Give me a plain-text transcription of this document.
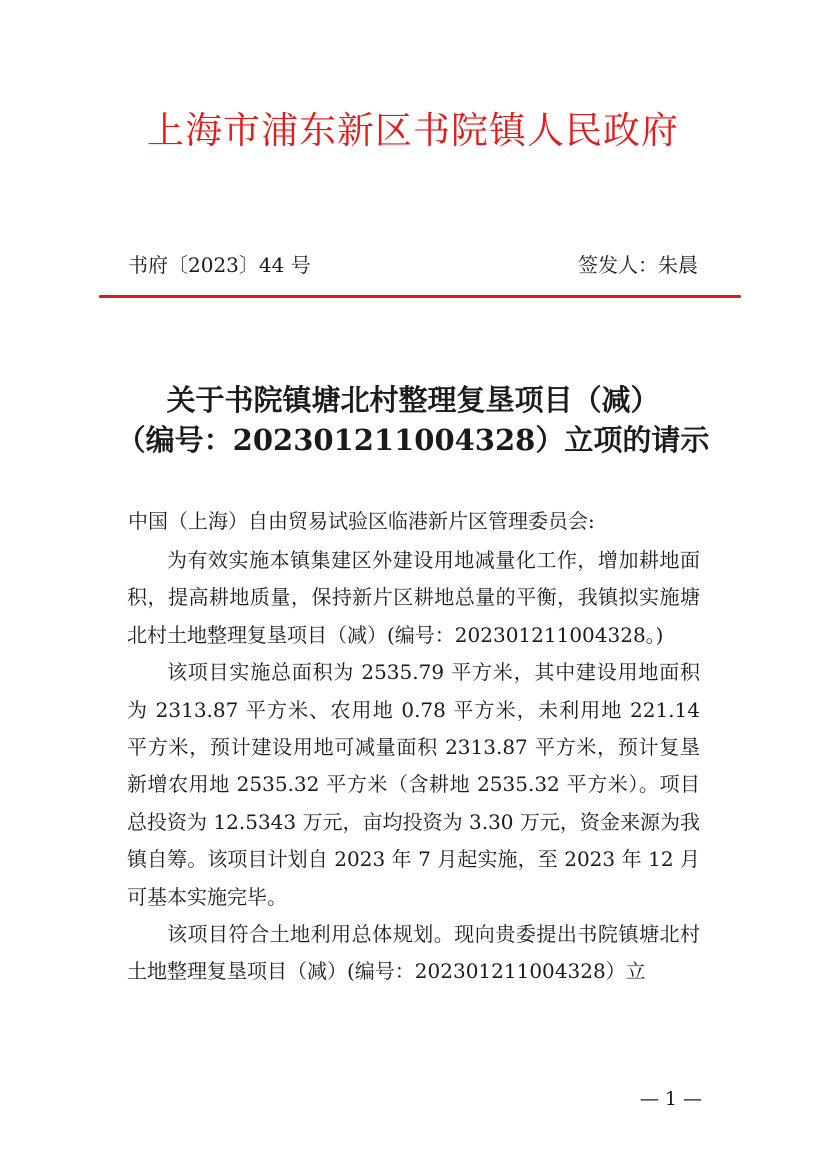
上海市浦东新区书院镇人民政府
书府〔2023〕44 号	签发人：朱晨
关于书院镇塘北村整理复垦项目（减）
（编号：202301211004328）立项的请示
中国（上海）自由贸易试验区临港新片区管理委员会:

为有效实施本镇集建区外建设用地减量化工作，增加耕地面积，提高耕地质量，保持新片区耕地总量的平衡，我镇拟实施塘北村土地整理复垦项目（减）(编号：202301211004328。)

该项目实施总面积为 2535.79 平方米，其中建设用地面积为 2313.87 平方米、农用地 0.78 平方米，未利用地 221.14 平方米，预计建设用地可减量面积 2313.87 平方米，预计复垦新增农用地 2535.32 平方米（含耕地 2535.32 平方米）。项目总投资为 12.5343 万元，亩均投资为 3.30 万元，资金来源为我镇自筹。该项目计划自 2023 年 7 月起实施，至 2023 年 12 月可基本实施完毕。

该项目符合土地利用总体规划。现向贵委提出书院镇塘北村土地整理复垦项目（减）(编号：202301211004328）立

— 1 —
